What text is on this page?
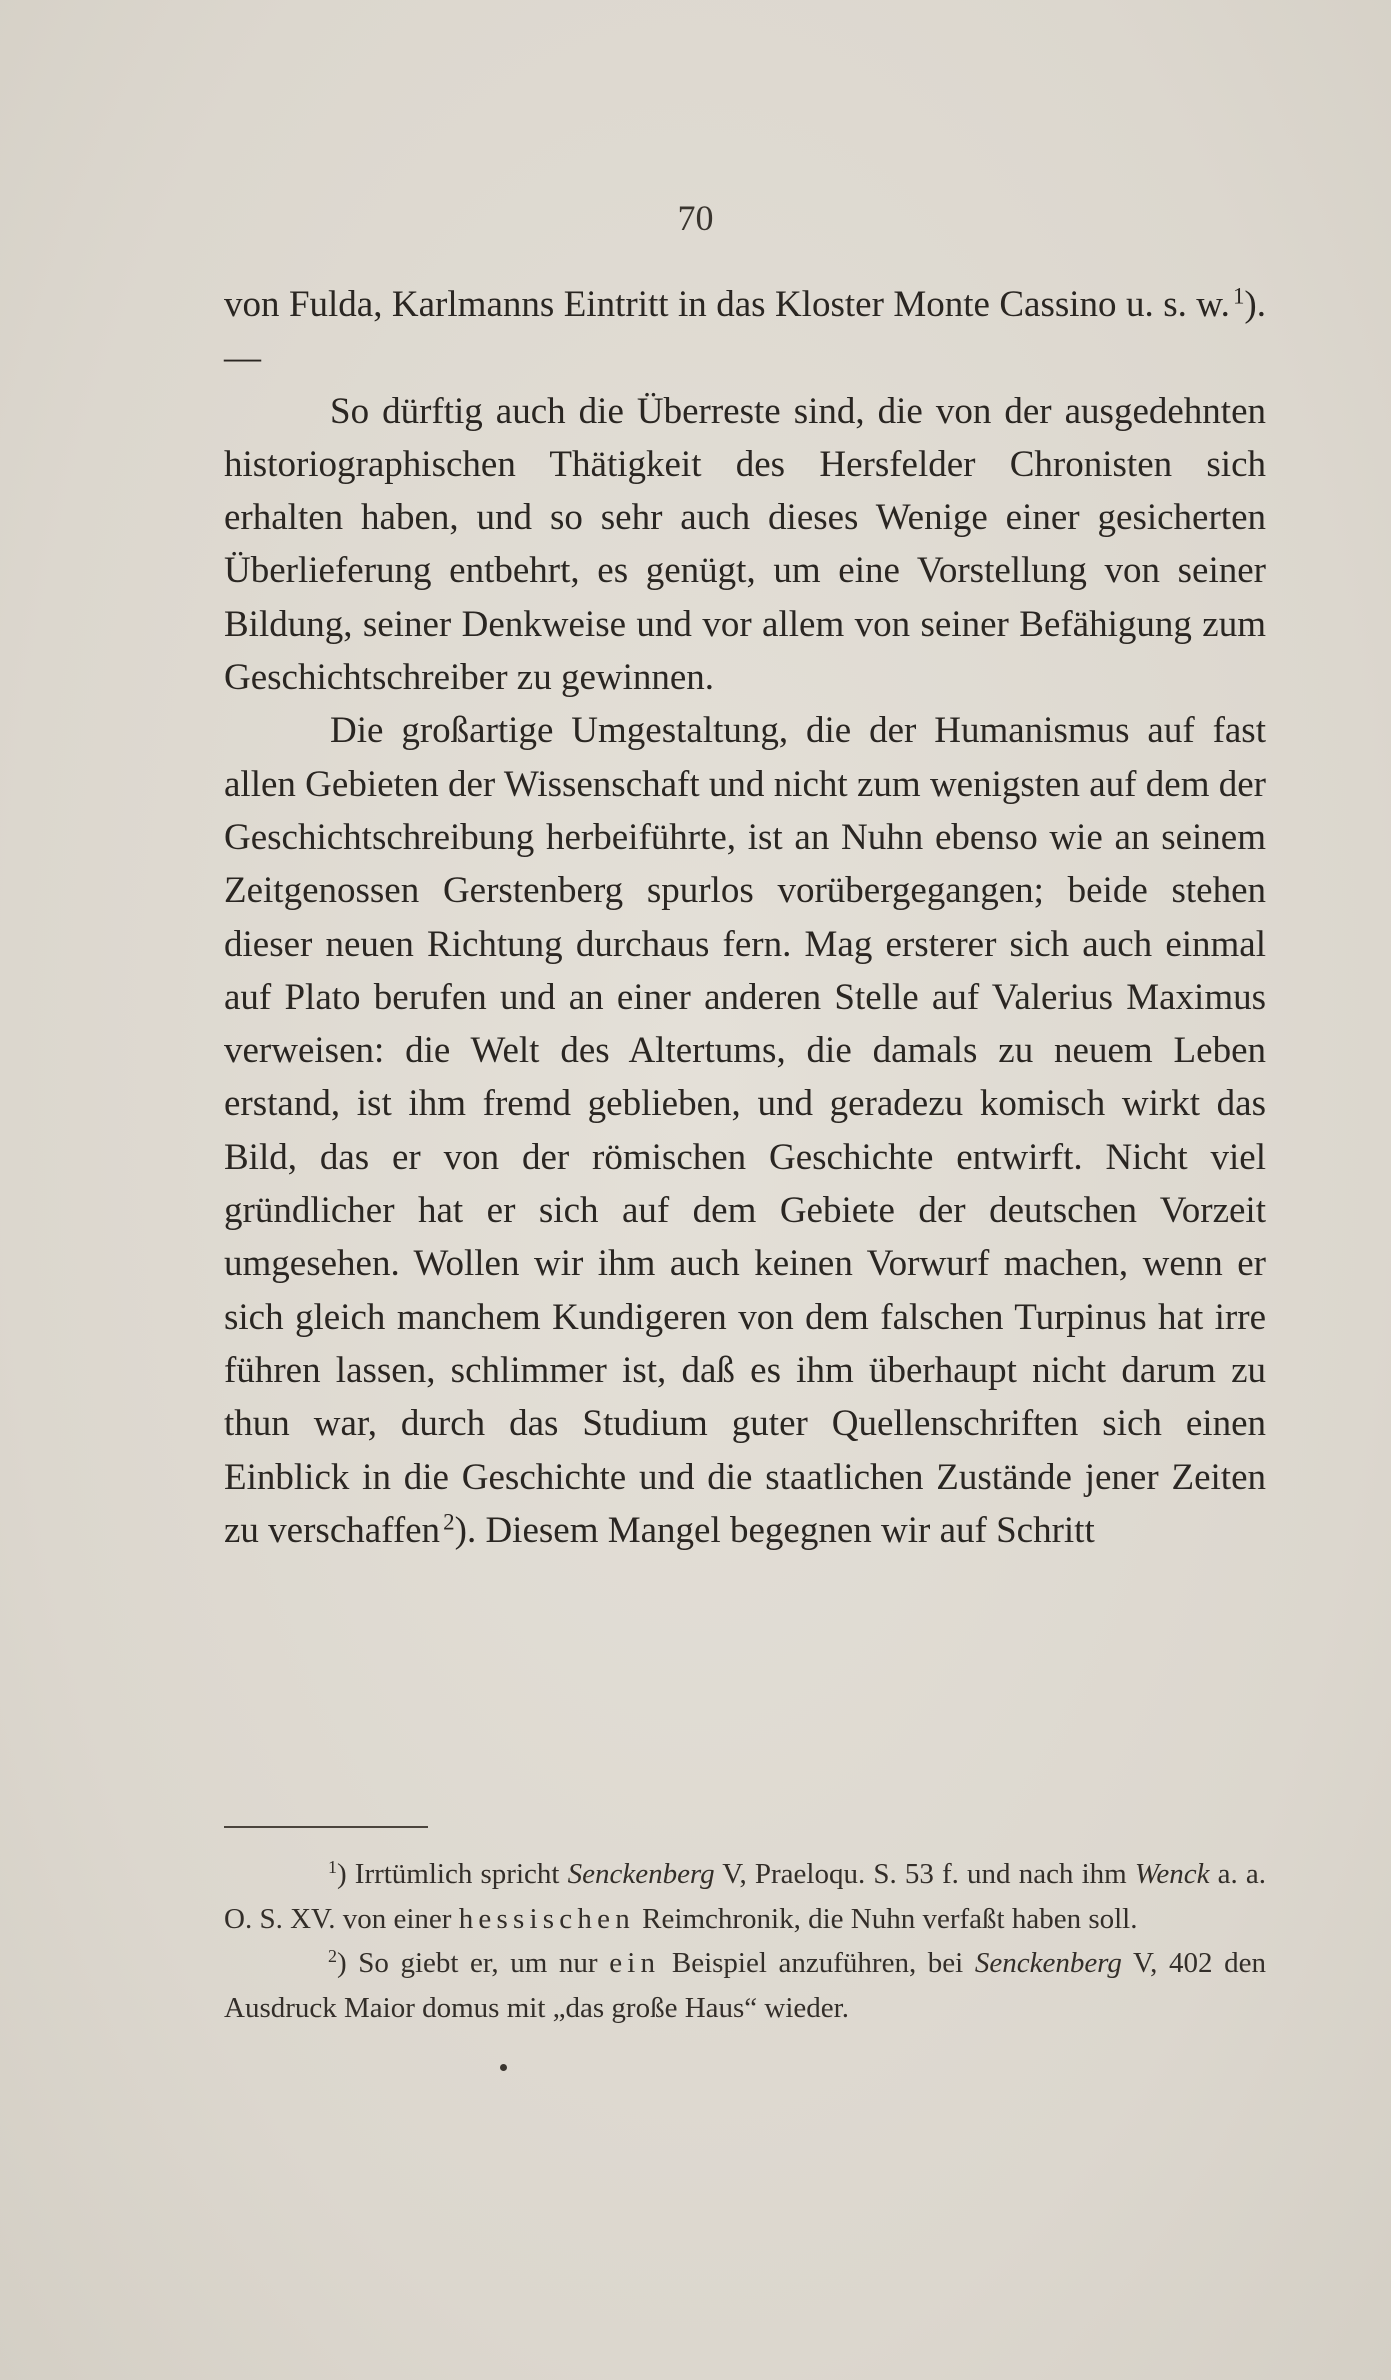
70

von Fulda, Karlmanns Eintritt in das Kloster Monte Cassino u. s. w.  $^1$). —

So dürftig auch die Überreste sind, die von der ausgedehnten historiographischen Thätigkeit des Hersfelder Chronisten sich erhalten haben, und so sehr auch dieses Wenige einer gesicherten Überlieferung entbehrt, es genügt, um eine Vorstellung von seiner Bildung, seiner Denkweise und vor allem von seiner Befähigung zum Geschichtschreiber zu gewinnen.

Die großartige Umgestaltung, die der Humanismus auf fast allen Gebieten der Wissenschaft und nicht zum wenigsten auf dem der Geschichtschreibung herbeiführte, ist an Nuhn ebenso wie an seinem Zeitgenossen Gerstenberg spurlos vorübergegangen; beide stehen dieser neuen Richtung durchaus fern. Mag ersterer sich auch einmal auf Plato berufen und an einer anderen Stelle auf Valerius Maximus verweisen: die Welt des Altertums, die damals zu neuem Leben erstand, ist ihm fremd geblieben, und geradezu komisch wirkt das Bild, das er von der römischen Geschichte entwirft. Nicht viel gründlicher hat er sich auf dem Gebiete der deutschen Vorzeit umgesehen. Wollen wir ihm auch keinen Vorwurf machen, wenn er sich gleich manchem Kundigeren von dem falschen Turpinus hat irre führen lassen, schlimmer ist, daß es ihm überhaupt nicht darum zu thun war, durch das Studium guter Quellenschriften sich einen Einblick in die Geschichte und die staatlichen Zustände jener Zeiten zu verschaffen  $^2$). Diesem Mangel begegnen wir auf Schritt

$^1$) Irrtümlich spricht Senckenberg V, Praeloqu. S. 53 f. und nach ihm Wenck a. a. O. S. XV. von einer hessischen Reimchronik, die Nuhn verfaßt haben soll.

$^2$) So giebt er, um nur ein Beispiel anzuführen, bei Senckenberg V, 402 den Ausdruck Maior domus mit „das große Haus“ wieder.
